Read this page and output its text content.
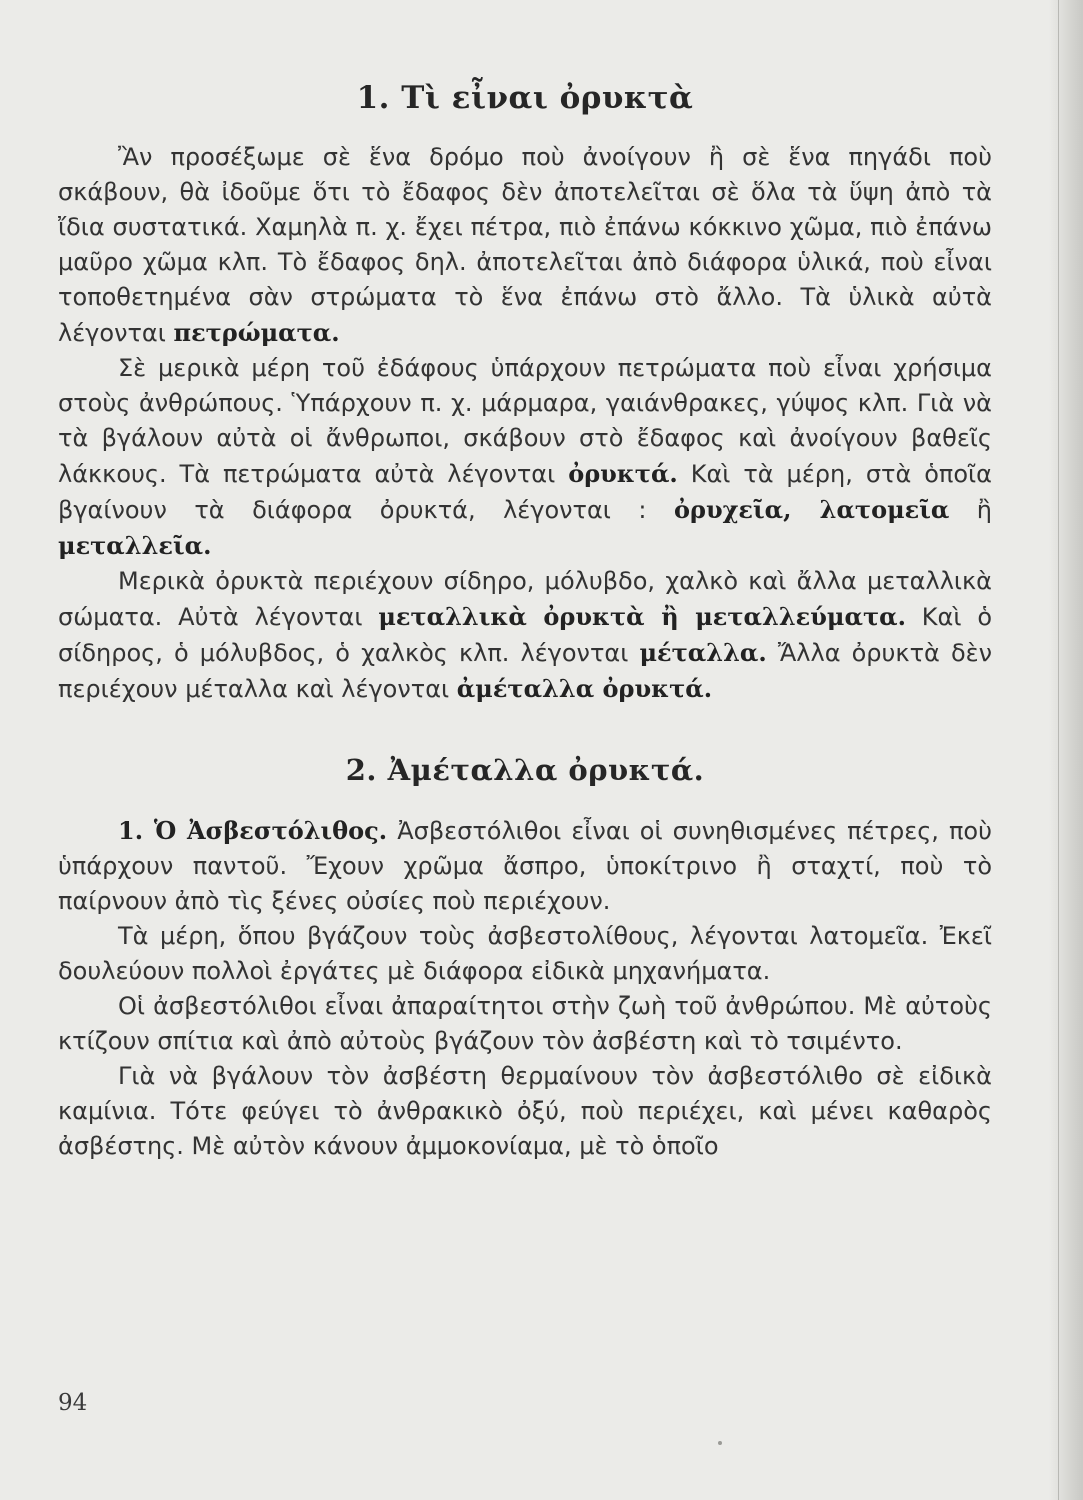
1. Τὶ εἶναι ὀρυκτὰ

Ἂν προσέξωμε σὲ ἕνα δρόμο ποὺ ἀνοίγουν ἢ σὲ ἕνα πηγάδι ποὺ σκάβουν, θὰ ἰδοῦμε ὅτι τὸ ἔδαφος δὲν ἀποτελεῖται σὲ ὅλα τὰ ὕψη ἀπὸ τὰ ἴδια συστατικά. Χαμηλὰ π. χ. ἔχει πέτρα, πιὸ ἐπάνω κόκκινο χῶμα, πιὸ ἐπάνω μαῦρο χῶμα κλπ. Τὸ ἔδαφος δηλ. ἀποτελεῖται ἀπὸ διάφορα ὑλικά, ποὺ εἶναι τοποθετημένα σὰν στρώματα τὸ ἕνα ἐπάνω στὸ ἄλλο. Τὰ ὑλικὰ αὐτὰ λέγονται πετρώματα.

Σὲ μερικὰ μέρη τοῦ ἐδάφους ὑπάρχουν πετρώματα ποὺ εἶναι χρήσιμα στοὺς ἀνθρώπους. Ὑπάρχουν π. χ. μάρμαρα, γαιάνθρακες, γύψος κλπ. Γιὰ νὰ τὰ βγάλουν αὐτὰ οἱ ἄνθρωποι, σκάβουν στὸ ἔδαφος καὶ ἀνοίγουν βαθεῖς λάκκους. Τὰ πετρώματα αὐτὰ λέγονται ὀρυκτά. Καὶ τὰ μέρη, στὰ ὁποῖα βγαίνουν τὰ διάφορα ὀρυκτά, λέγονται : ὀρυχεῖα, λατομεῖα ἢ μεταλλεῖα.

Μερικὰ ὀρυκτὰ περιέχουν σίδηρο, μόλυβδο, χαλκὸ καὶ ἄλλα μεταλλικὰ σώματα. Αὐτὰ λέγονται μεταλλικὰ ὀρυκτὰ ἢ μεταλλεύματα. Καὶ ὁ σίδηρος, ὁ μόλυβδος, ὁ χαλκὸς κλπ. λέγονται μέταλλα. Ἄλλα ὀρυκτὰ δὲν περιέχουν μέταλλα καὶ λέγονται ἀμέταλλα ὀρυκτά.

2. Ἀμέταλλα ὀρυκτά.

1. Ὁ Ἀσβεστόλιθος. Ἀσβεστόλιθοι εἶναι οἱ συνηθισμένες πέτρες, ποὺ ὑπάρχουν παντοῦ. Ἔχουν χρῶμα ἄσπρο, ὑποκίτρινο ἢ σταχτί, ποὺ τὸ παίρνουν ἀπὸ τὶς ξένες οὐσίες ποὺ περιέχουν.

Τὰ μέρη, ὅπου βγάζουν τοὺς ἀσβεστολίθους, λέγονται λατομεῖα. Ἐκεῖ δουλεύουν πολλοὶ ἐργάτες μὲ διάφορα εἰδικὰ μηχανήματα.

Οἱ ἀσβεστόλιθοι εἶναι ἀπαραίτητοι στὴν ζωὴ τοῦ ἀνθρώπου. Μὲ αὐτοὺς κτίζουν σπίτια καὶ ἀπὸ αὐτοὺς βγάζουν τὸν ἀσβέστη καὶ τὸ τσιμέντο.

Γιὰ νὰ βγάλουν τὸν ἀσβέστη θερμαίνουν τὸν ἀσβεστόλιθο σὲ εἰδικὰ καμίνια. Τότε φεύγει τὸ ἀνθρακικὸ ὀξύ, ποὺ περιέχει, καὶ μένει καθαρὸς ἀσβέστης. Μὲ αὐτὸν κάνουν ἀμμοκονίαμα, μὲ τὸ ὁποῖο

94
